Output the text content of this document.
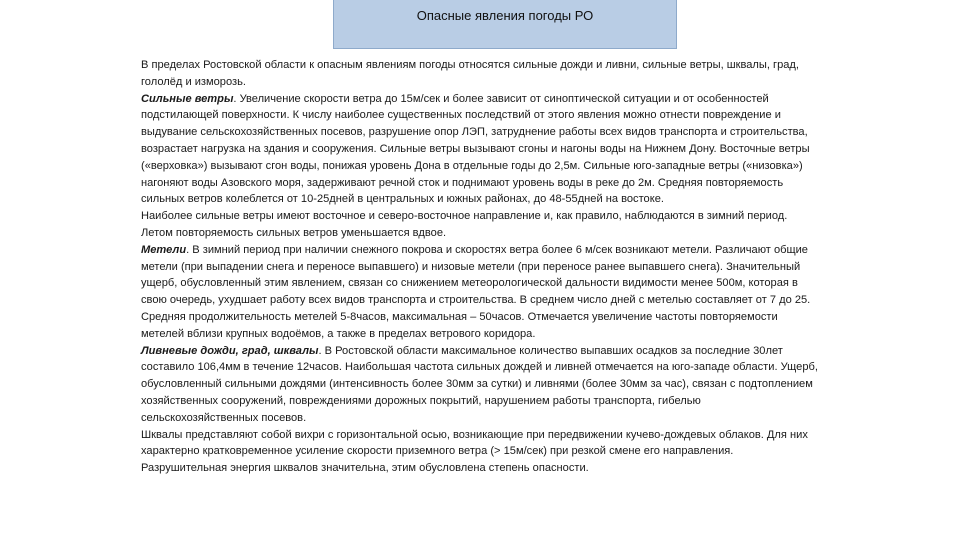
Опасные явления погоды РО

В пределах Ростовской области к опасным явлениям погоды относятся сильные дожди и ливни, сильные ветры, шквалы, град, гололёд и изморозь.

Сильные ветры. Увеличение скорости ветра до 15м/сек и более зависит от синоптической ситуации и от особенностей подстилающей поверхности. К числу наиболее существенных последствий от этого явления можно отнести повреждение и выдувание сельскохозяйственных посевов, разрушение опор ЛЭП, затруднение работы всех видов транспорта и строительства, возрастает нагрузка на здания и сооружения. Сильные ветры вызывают сгоны и нагоны воды на Нижнем Дону. Восточные ветры («верховка») вызывают сгон воды, понижая уровень Дона в отдельные годы до 2,5м. Сильные юго-западные ветры («низовка») нагоняют воды Азовского моря, задерживают речной сток и поднимают уровень воды в реке до 2м. Средняя повторяемость сильных ветров колеблется от 10-25дней в центральных и южных районах, до 48-55дней на востоке.

Наиболее сильные ветры имеют восточное и северо-восточное направление и, как правило, наблюдаются в зимний период. Летом повторяемость сильных ветров уменьшается вдвое.

Метели. В зимний период при наличии снежного покрова и скоростях ветра более 6 м/сек возникают метели. Различают общие метели (при выпадении снега и переносе выпавшего) и низовые метели (при переносе ранее выпавшего снега). Значительный ущерб, обусловленный этим явлением, связан со снижением метеорологической дальности видимости менее 500м, которая в свою очередь, ухудшает работу всех видов транспорта и строительства. В среднем число дней с метелью составляет от 7 до 25. Средняя продолжительность метелей 5-8часов, максимальная – 50часов. Отмечается увеличение частоты повторяемости метелей вблизи крупных водоёмов, а также в пределах ветрового коридора.

Ливневые дожди, град, шквалы. В Ростовской области максимальное количество выпавших осадков за последние 30лет составило 106,4мм в течение 12часов. Наибольшая частота сильных дождей и ливней отмечается на юго-западе области. Ущерб, обусловленный сильными дождями (интенсивность более 30мм за сутки) и ливнями (более 30мм за час), связан с подтоплением хозяйственных сооружений, повреждениями дорожных покрытий, нарушением работы транспорта, гибелью сельскохозяйственных посевов.

Шквалы представляют собой вихри с горизонтальной осью, возникающие при передвижении кучево-дождевых облаков. Для них характерно кратковременное усиление скорости приземного ветра (> 15м/сек) при резкой смене его направления. Разрушительная энергия шквалов значительна, этим обусловлена степень опасности.
